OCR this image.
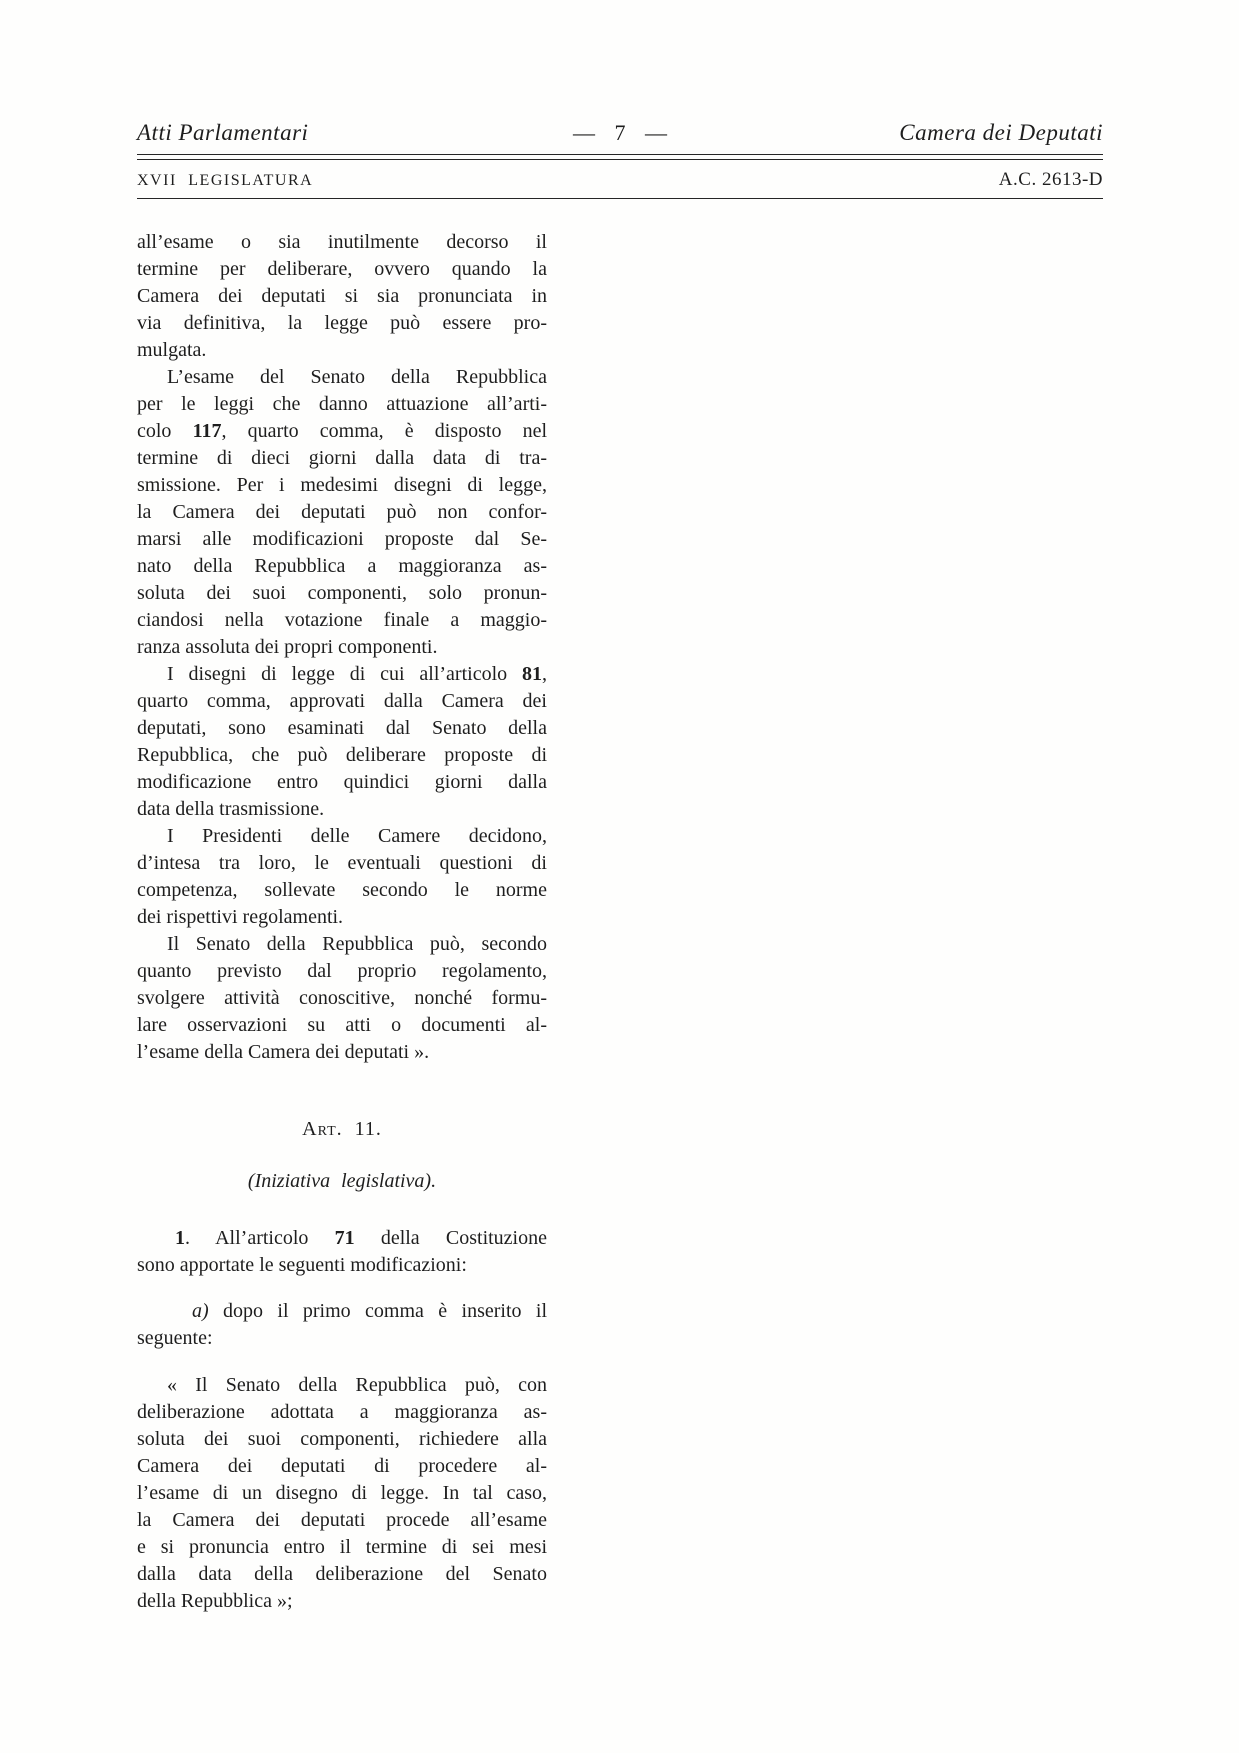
Atti Parlamentari	— 7 —	Camera dei Deputati
XVII LEGISLATURA	A.C. 2613-D
all’esame o sia inutilmente decorso il
termine per deliberare, ovvero quando la
Camera dei deputati si sia pronunciata in
via definitiva, la legge può essere pro-
mulgata.
L’esame del Senato della Repubblica
per le leggi che danno attuazione all’arti-
colo 117, quarto comma, è disposto nel
termine di dieci giorni dalla data di tra-
smissione. Per i medesimi disegni di legge,
la Camera dei deputati può non confor-
marsi alle modificazioni proposte dal Se-
nato della Repubblica a maggioranza as-
soluta dei suoi componenti, solo pronun-
ciandosi nella votazione finale a maggio-
ranza assoluta dei propri componenti.
I disegni di legge di cui all’articolo 81,
quarto comma, approvati dalla Camera dei
deputati, sono esaminati dal Senato della
Repubblica, che può deliberare proposte di
modificazione entro quindici giorni dalla
data della trasmissione.
I Presidenti delle Camere decidono,
d’intesa tra loro, le eventuali questioni di
competenza, sollevate secondo le norme
dei rispettivi regolamenti.
Il Senato della Repubblica può, secondo
quanto previsto dal proprio regolamento,
svolgere attività conoscitive, nonché formu-
lare osservazioni su atti o documenti al-
l’esame della Camera dei deputati ».
Art. 11.
(Iniziativa legislativa).
1. All’articolo 71 della Costituzione
sono apportate le seguenti modificazioni:
a) dopo il primo comma è inserito il
seguente:
« Il Senato della Repubblica può, con
deliberazione adottata a maggioranza as-
soluta dei suoi componenti, richiedere alla
Camera dei deputati di procedere al-
l’esame di un disegno di legge. In tal caso,
la Camera dei deputati procede all’esame
e si pronuncia entro il termine di sei mesi
dalla data della deliberazione del Senato
della Repubblica »;
